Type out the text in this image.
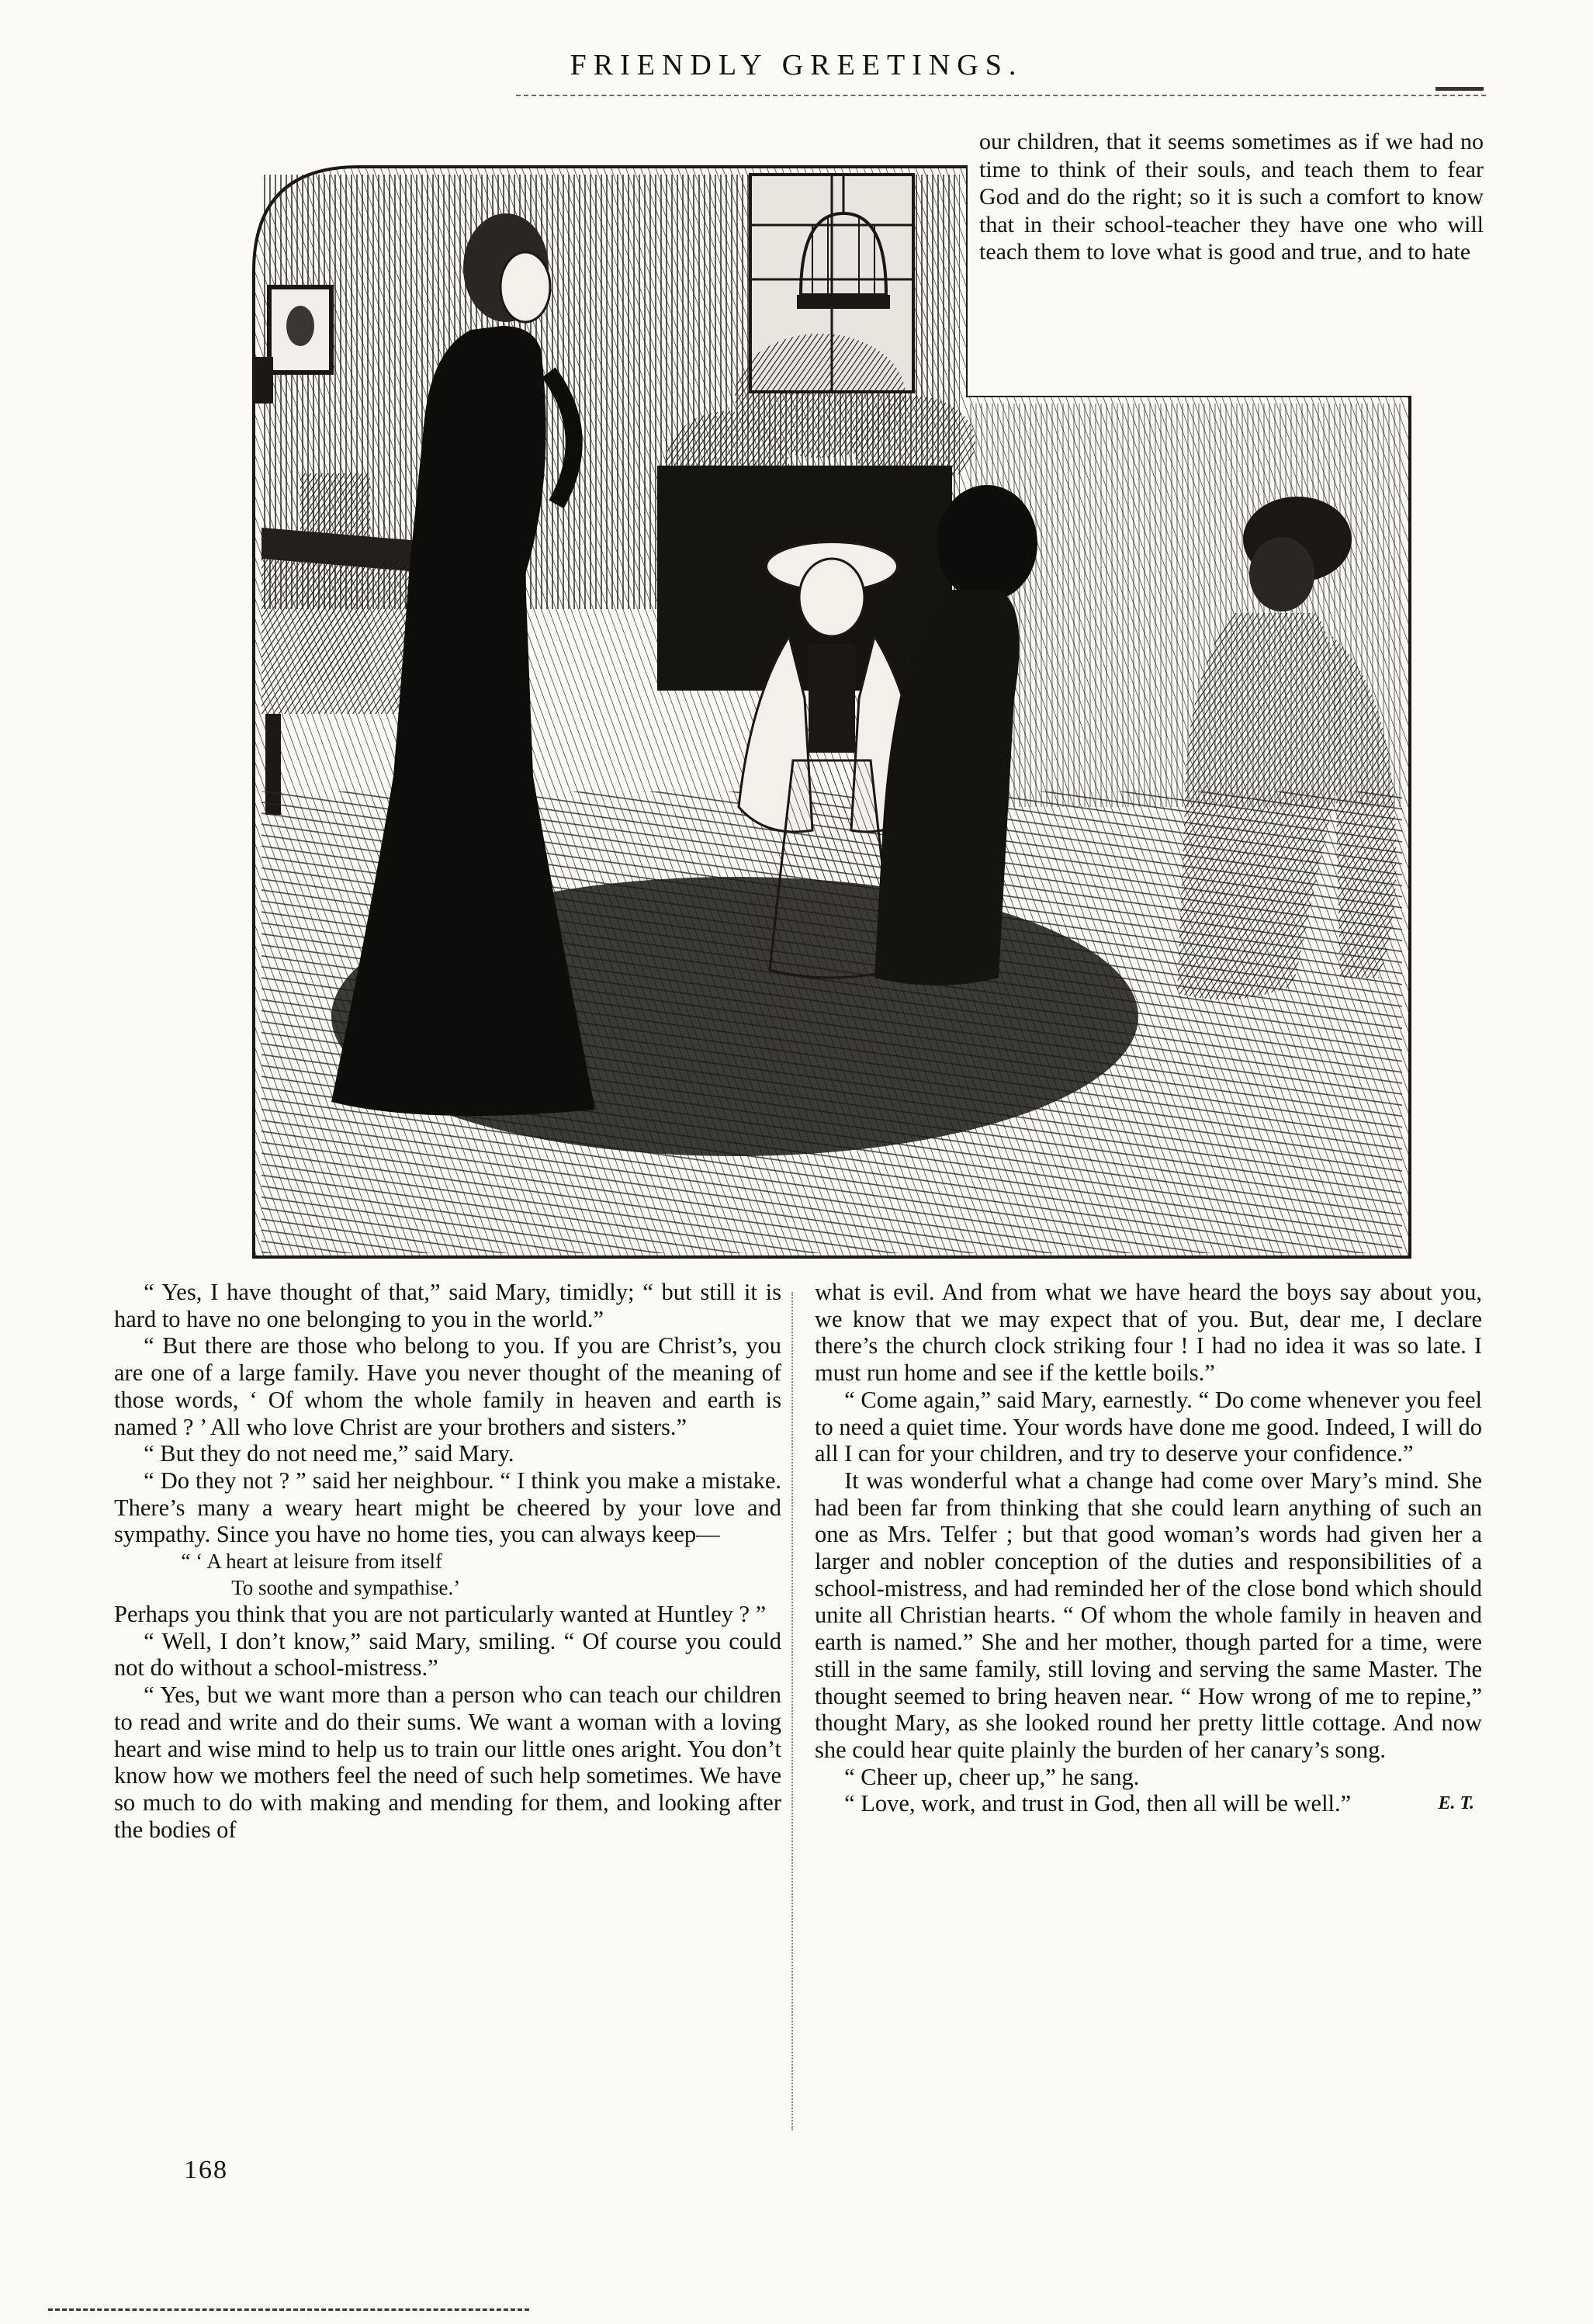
FRIENDLY GREETINGS.

our children, that it seems sometimes as if we had no time to think of their souls, and teach them to fear God and do the right; so it is such a comfort to know that in their school-teacher they have one who will teach them to love what is good and true, and to hate

“ Yes, I have thought of that,” said Mary, timidly; “ but still it is hard to have no one belonging to you in the world.”

“ But there are those who belong to you. If you are Christ’s, you are one of a large family. Have you never thought of the meaning of those words, ‘ Of whom the whole family in heaven and earth is named ? ’ All who love Christ are your brothers and sisters.”

“ But they do not need me,” said Mary.

“ Do they not ? ” said her neighbour. “ I think you make a mistake. There’s many a weary heart might be cheered by your love and sympathy. Since you have no home ties, you can always keep—

“ ‘ A heart at leisure from itself

To soothe and sympathise.’

Perhaps you think that you are not particularly wanted at Huntley ? ”

“ Well, I don’t know,” said Mary, smiling. “ Of course you could not do without a school-mistress.”

“ Yes, but we want more than a person who can teach our children to read and write and do their sums. We want a woman with a loving heart and wise mind to help us to train our little ones aright. You don’t know how we mothers feel the need of such help sometimes. We have so much to do with making and mending for them, and looking after the bodies of

what is evil. And from what we have heard the boys say about you, we know that we may expect that of you. But, dear me, I declare there’s the church clock striking four ! I had no idea it was so late. I must run home and see if the kettle boils.”

“ Come again,” said Mary, earnestly. “ Do come whenever you feel to need a quiet time. Your words have done me good. Indeed, I will do all I can for your children, and try to deserve your confidence.”

It was wonderful what a change had come over Mary’s mind. She had been far from thinking that she could learn anything of such an one as Mrs. Telfer ; but that good woman’s words had given her a larger and nobler conception of the duties and responsibilities of a school-mistress, and had reminded her of the close bond which should unite all Christian hearts. “ Of whom the whole family in heaven and earth is named.” She and her mother, though parted for a time, were still in the same family, still loving and serving the same Master. The thought seemed to bring heaven near. “ How wrong of me to repine,” thought Mary, as she looked round her pretty little cottage. And now she could hear quite plainly the burden of her canary’s song.

“ Cheer up, cheer up,” he sang.

“ Love, work, and trust in God, then all will be well.”	E. T.

168
